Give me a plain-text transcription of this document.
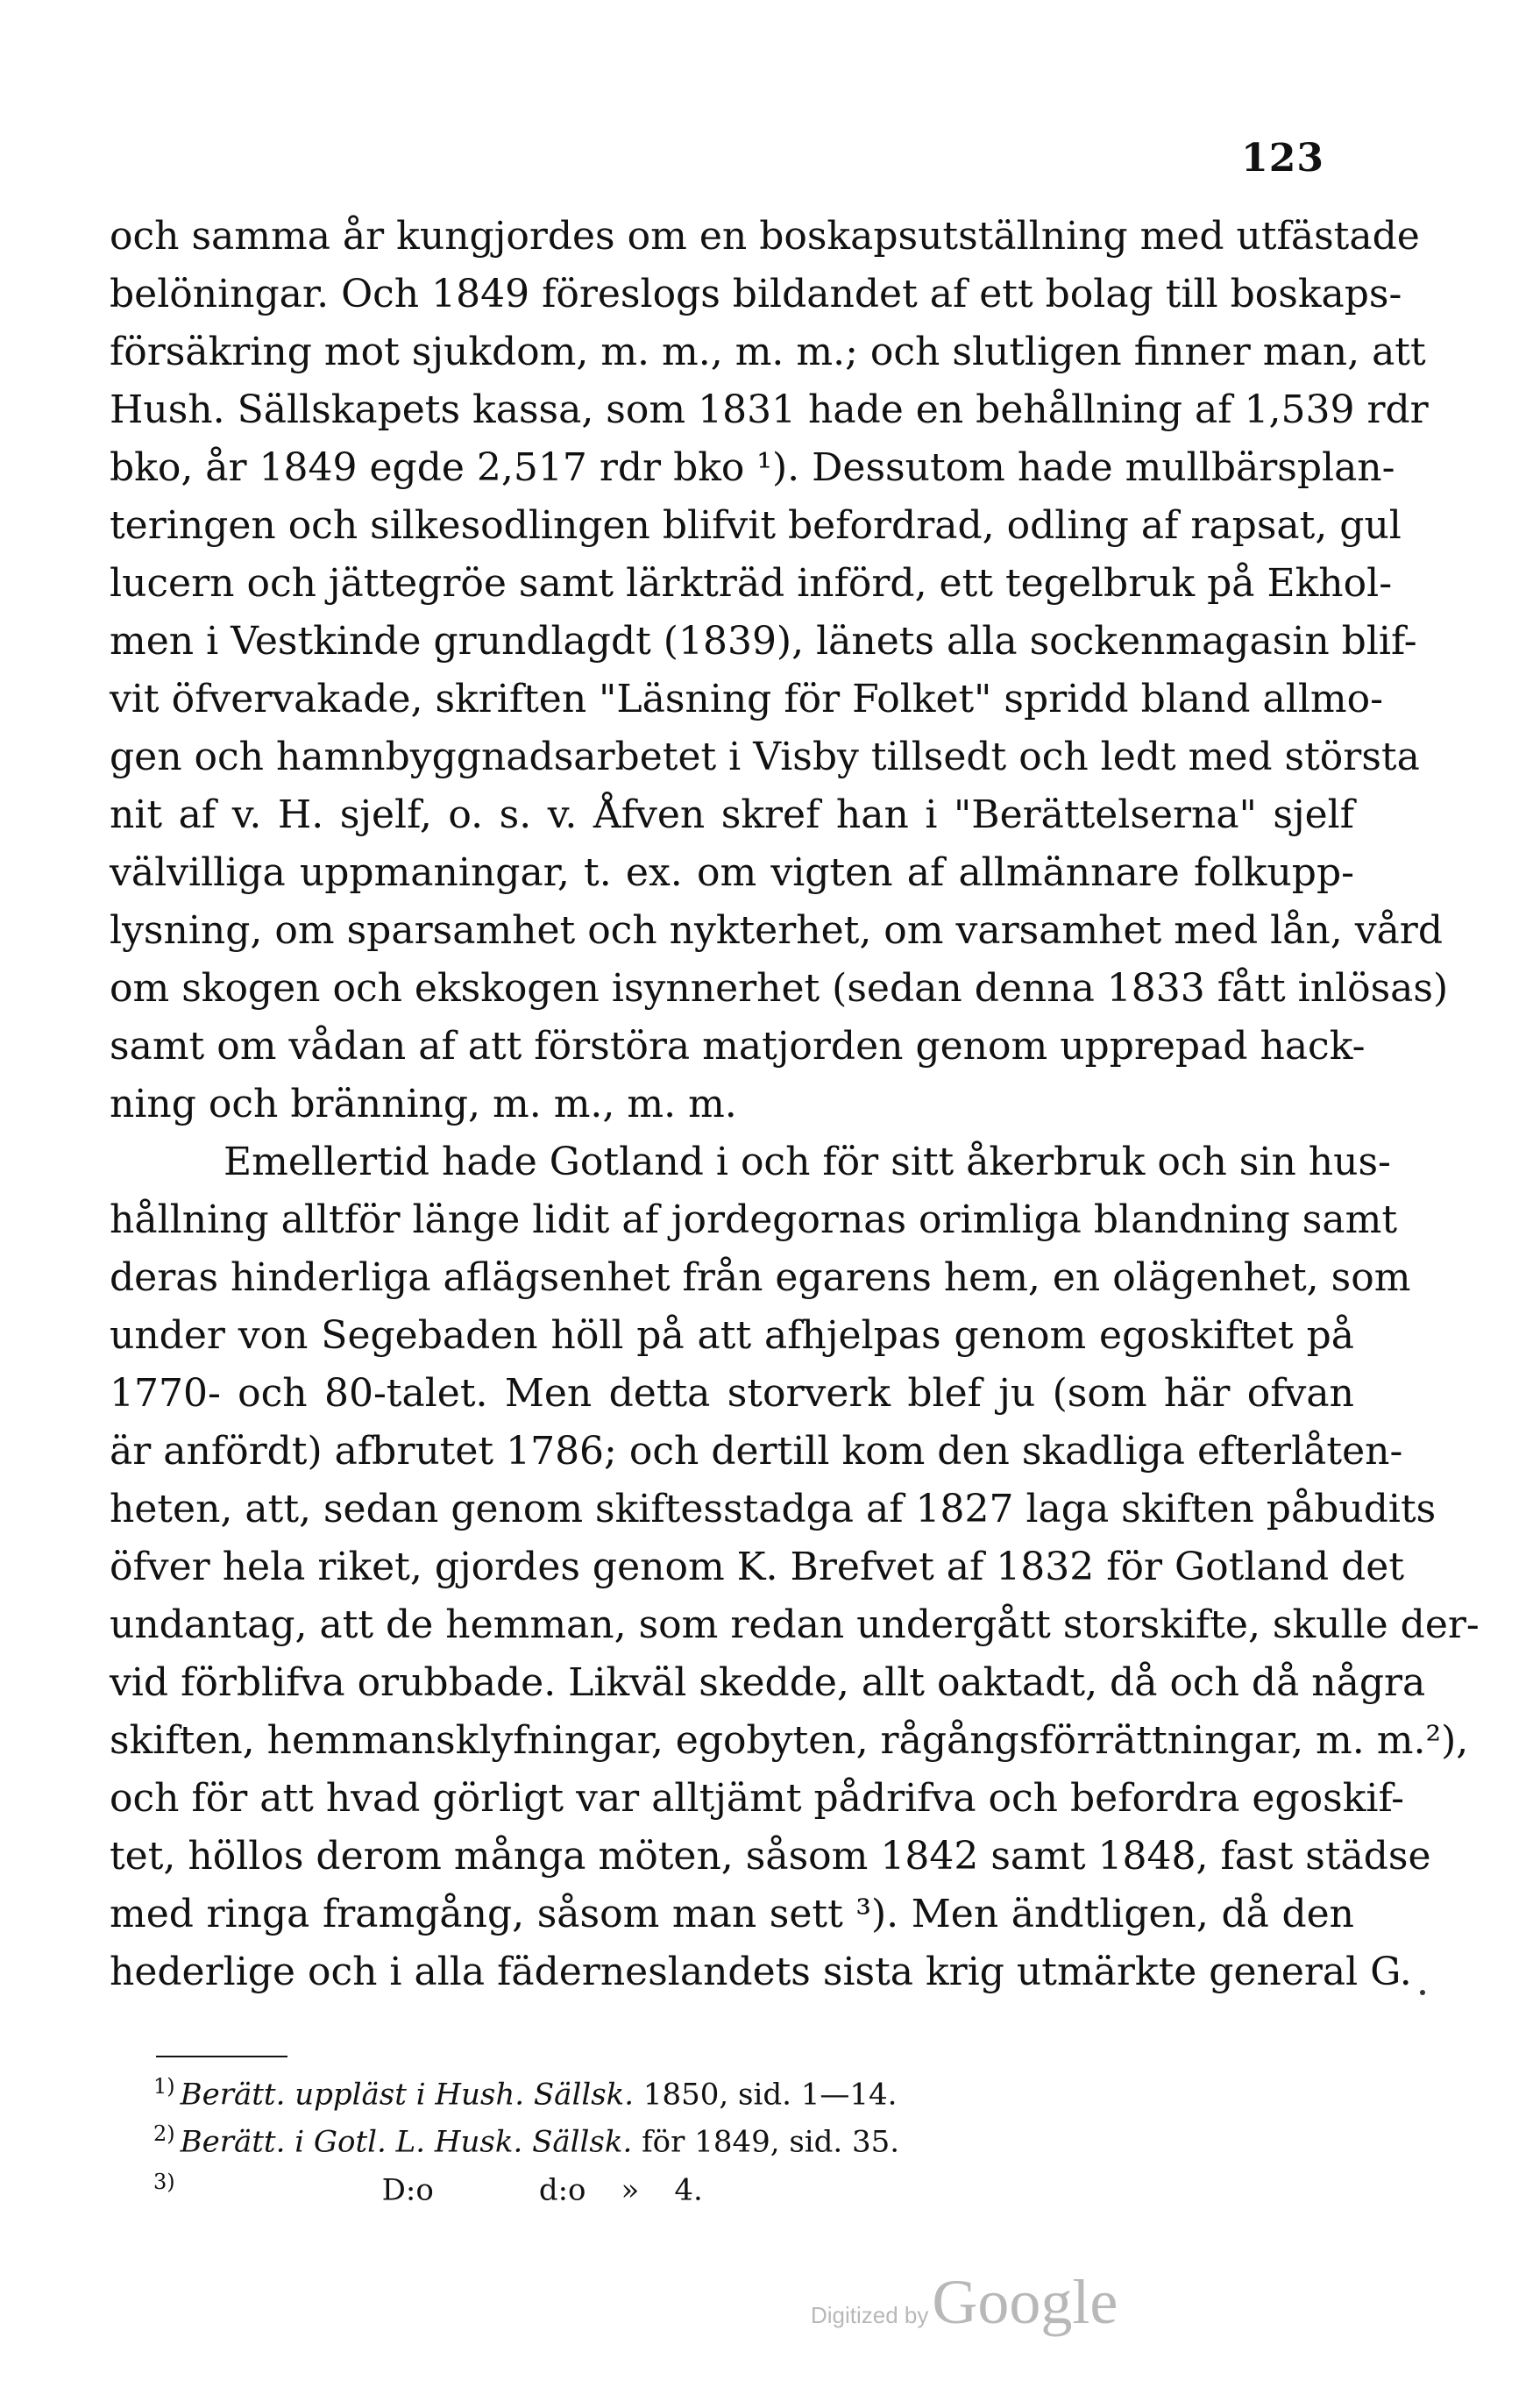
123
och samma år kungjordes om en boskapsutställning med utfästade
belöningar. Och 1849 föreslogs bildandet af ett bolag till boskaps-
försäkring mot sjukdom, m. m., m. m.; och slutligen finner man, att
Hush. Sällskapets kassa, som 1831 hade en behållning af 1,539 rdr
bko, år 1849 egde 2,517 rdr bko ¹). Dessutom hade mullbärsplan-
teringen och silkesodlingen blifvit befordrad, odling af rapsat, gul
lucern och jättegröe samt lärkträd införd, ett tegelbruk på Ekhol-
men i Vestkinde grundlagdt (1839), länets alla sockenmagasin blif-
vit öfvervakade, skriften "Läsning för Folket" spridd bland allmo-
gen och hamnbyggnadsarbetet i Visby tillsedt och ledt med största
nit af v. H. sjelf, o. s. v. Åfven skref han i "Berättelserna" sjelf
välvilliga uppmaningar, t. ex. om vigten af allmännare folkupp-
lysning, om sparsamhet och nykterhet, om varsamhet med lån, vård
om skogen och ekskogen isynnerhet (sedan denna 1833 fått inlösas)
samt om vådan af att förstöra matjorden genom upprepad hack-
ning och bränning, m. m., m. m.
Emellertid hade Gotland i och för sitt åkerbruk och sin hus-
hållning alltför länge lidit af jordegornas orimliga blandning samt
deras hinderliga aflägsenhet från egarens hem, en olägenhet, som
under von Segebaden höll på att afhjelpas genom egoskiftet på
1770- och 80-talet. Men detta storverk blef ju (som här ofvan
är anfördt) afbrutet 1786; och dertill kom den skadliga efterlåten-
heten, att, sedan genom skiftesstadga af 1827 laga skiften påbudits
öfver hela riket, gjordes genom K. Brefvet af 1832 för Gotland det
undantag, att de hemman, som redan undergått storskifte, skulle der-
vid förblifva orubbade. Likväl skedde, allt oaktadt, då och då några
skiften, hemmansklyfningar, egobyten, rågångsförrättningar, m. m.²),
och för att hvad görligt var alltjämt pådrifva och befordra egoskif-
tet, höllos derom många möten, såsom 1842 samt 1848, fast städse
med ringa framgång, såsom man sett ³). Men ändtligen, då den
hederlige och i alla fäderneslandets sista krig utmärkte general G.
$^{1)}$ Berätt. uppläst i Hush. Sällsk. 1850, sid. 1—14.
$^{2)}$ Berätt. i Gotl. L. Husk. Sällsk. för 1849, sid. 35.
$^{3)}$	D:o	d:o » 4.
Digitized byGoogle
